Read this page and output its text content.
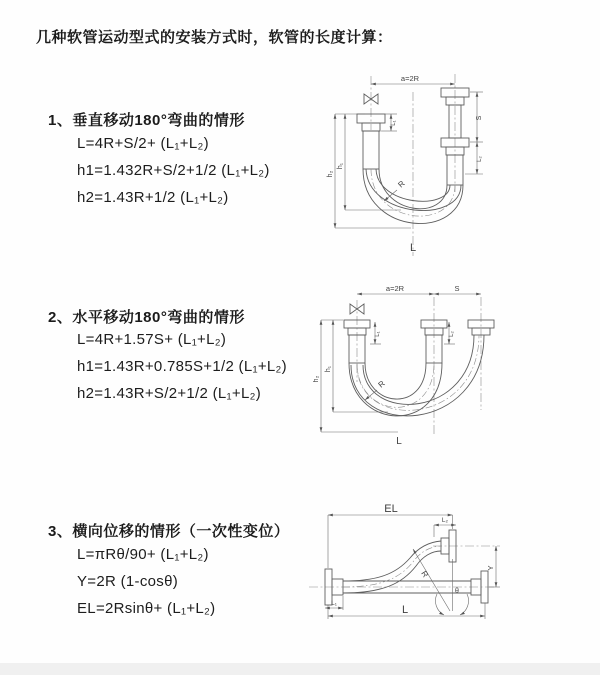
几种软管运动型式的安装方式时，软管的长度计算：
1、垂直移动180°弯曲的情形
L=4R+S/2+ (L₁+L₂)
h1=1.432R+S/2+1/2 (L₁+L₂)
h2=1.43R+1/2 (L₁+L₂)
2、水平移动180°弯曲的情形
L=4R+1.57S+ (L₁+L₂)
h1=1.43R+0.785S+1/2 (L₁+L₂)
h2=1.43R+S/2+1/2 (L₁+L₂)
3、横向位移的情形（一次性变位）
L=πRθ/90+ (L₁+L₂)
Y=2R (1-cosθ)
EL=2Rsinθ+ (L₁+L₂)
a=2R
h₂
h₁
L₁
S
L₂
R
L
a=2R	S
h₂
h₁
L₁	L₂
R
L
R
θ
EL
L₂
Y
L
L₁
